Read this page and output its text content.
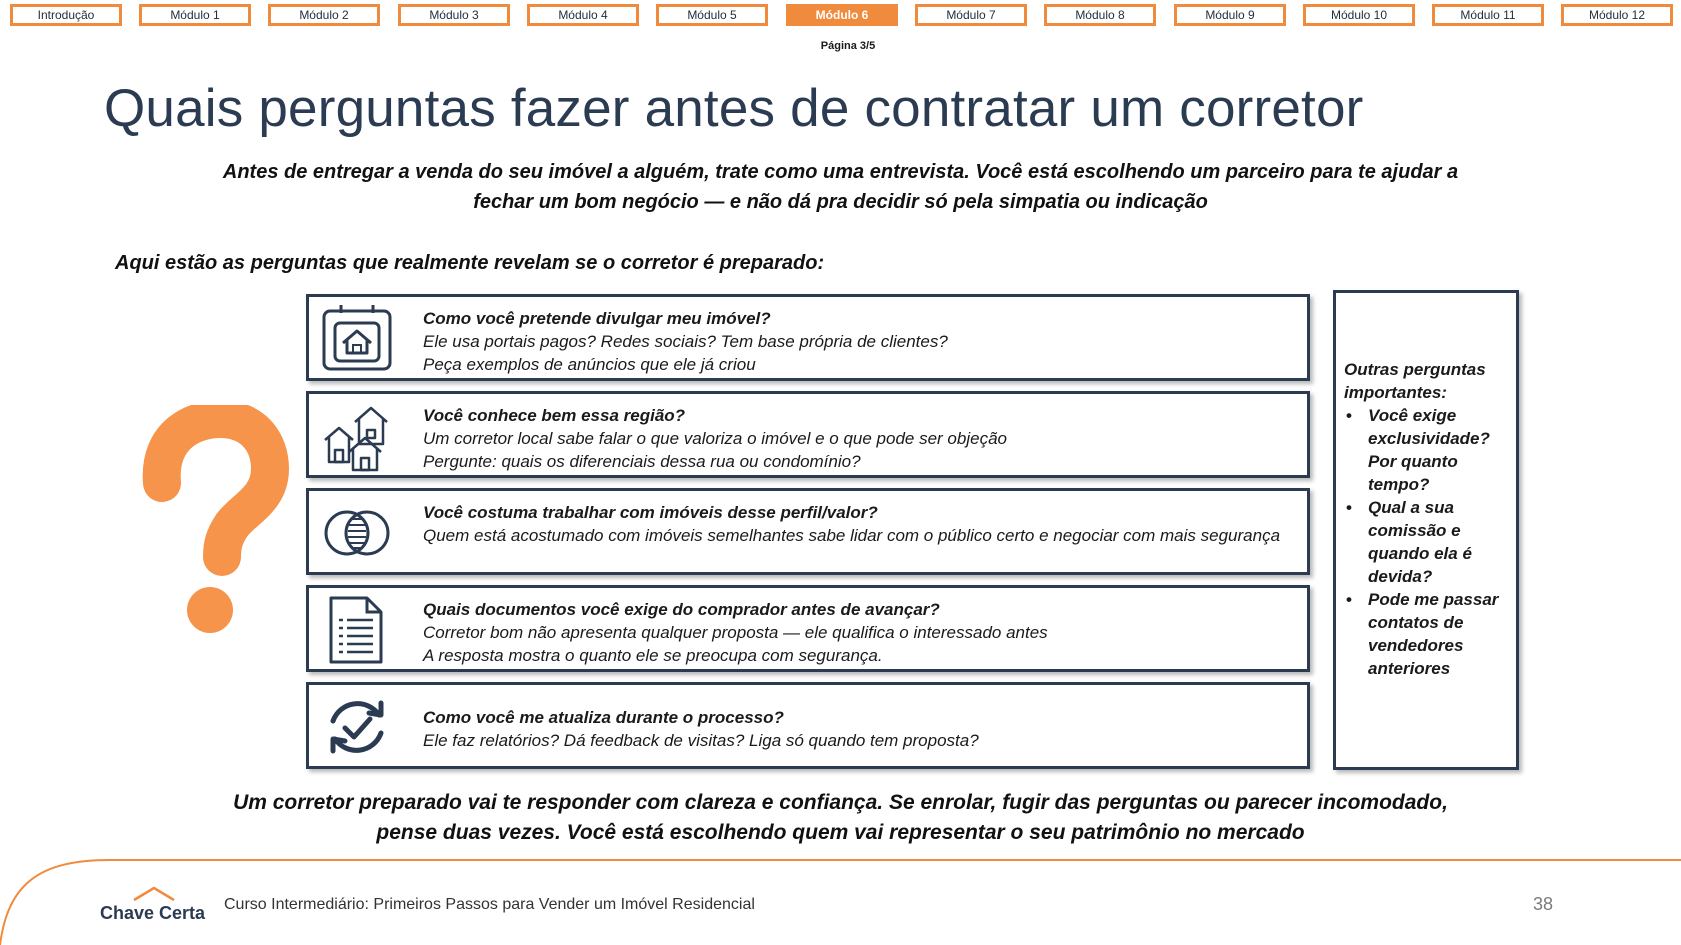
Introdução	Módulo 1	Módulo 2	Módulo 3	Módulo 4	Módulo 5	Módulo 6	Módulo 7	Módulo 8	Módulo 9	Módulo 10	Módulo 11	Módulo 12
Página 3/5
Quais perguntas fazer antes de contratar um corretor
Antes de entregar a venda do seu imóvel a alguém, trate como uma entrevista. Você está escolhendo um parceiro para te ajudar a
fechar um bom negócio — e não dá pra decidir só pela simpatia ou indicação
Aqui estão as perguntas que realmente revelam se o corretor é preparado:
Como você pretende divulgar meu imóvel?
Ele usa portais pagos? Redes sociais? Tem base própria de clientes?
Peça exemplos de anúncios que ele já criou
Você conhece bem essa região?
Um corretor local sabe falar o que valoriza o imóvel e o que pode ser objeção
Pergunte: quais os diferenciais dessa rua ou condomínio?
Você costuma trabalhar com imóveis desse perfil/valor?
Quem está acostumado com imóveis semelhantes sabe lidar com o público certo e negociar com mais segurança
Quais documentos você exige do comprador antes de avançar?
Corretor bom não apresenta qualquer proposta — ele qualifica o interessado antes
A resposta mostra o quanto ele se preocupa com segurança.
Como você me atualiza durante o processo?
Ele faz relatórios? Dá feedback de visitas? Liga só quando tem proposta?
Outras perguntas importantes:
• Você exige exclusividade? Por quanto tempo?
• Qual a sua comissão e quando ela é devida?
• Pode me passar contatos de vendedores anteriores
Um corretor preparado vai te responder com clareza e confiança. Se enrolar, fugir das perguntas ou parecer incomodado,
pense duas vezes. Você está escolhendo quem vai representar o seu patrimônio no mercado
Chave Certa Curso Intermediário: Primeiros Passos para Vender um Imóvel Residencial	38
